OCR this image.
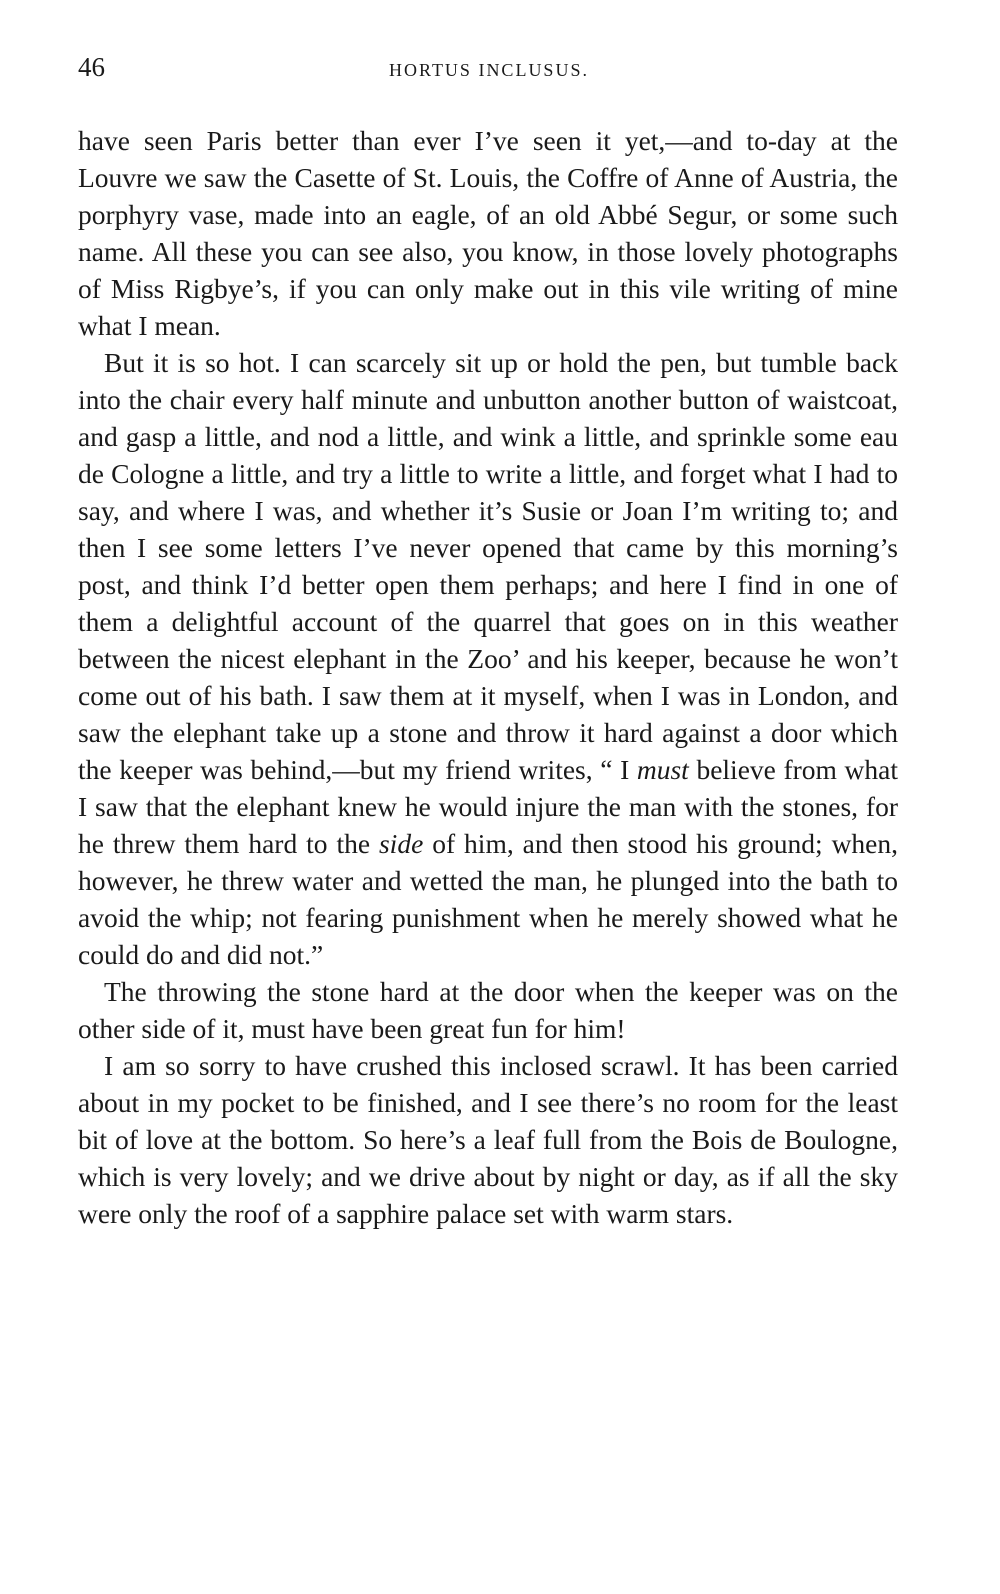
46	HORTUS INCLUSUS.

have seen Paris better than ever I’ve seen it yet,—and to-day at the Louvre we saw the Casette of St. Louis, the Coffre of Anne of Austria, the porphyry vase, made into an eagle, of an old Abbé Segur, or some such name. All these you can see also, you know, in those lovely photographs of Miss Rigbye’s, if you can only make out in this vile writing of mine what I mean.

But it is so hot. I can scarcely sit up or hold the pen, but tumble back into the chair every half minute and unbutton another button of waistcoat, and gasp a little, and nod a little, and wink a little, and sprinkle some eau de Cologne a little, and try a little to write a little, and forget what I had to say, and where I was, and whether it’s Susie or Joan I’m writing to; and then I see some letters I’ve never opened that came by this morning’s post, and think I’d better open them perhaps; and here I find in one of them a delightful account of the quarrel that goes on in this weather between the nicest elephant in the Zoo’ and his keeper, because he won’t come out of his bath. I saw them at it myself, when I was in London, and saw the elephant take up a stone and throw it hard against a door which the keeper was behind,—but my friend writes, “ I must believe from what I saw that the elephant knew he would injure the man with the stones, for he threw them hard to the side of him, and then stood his ground; when, however, he threw water and wetted the man, he plunged into the bath to avoid the whip; not fearing punishment when he merely showed what he could do and did not.”

The throwing the stone hard at the door when the keeper was on the other side of it, must have been great fun for him!

I am so sorry to have crushed this inclosed scrawl. It has been carried about in my pocket to be finished, and I see there’s no room for the least bit of love at the bottom. So here’s a leaf full from the Bois de Boulogne, which is very lovely; and we drive about by night or day, as if all the sky were only the roof of a sapphire palace set with warm stars.
